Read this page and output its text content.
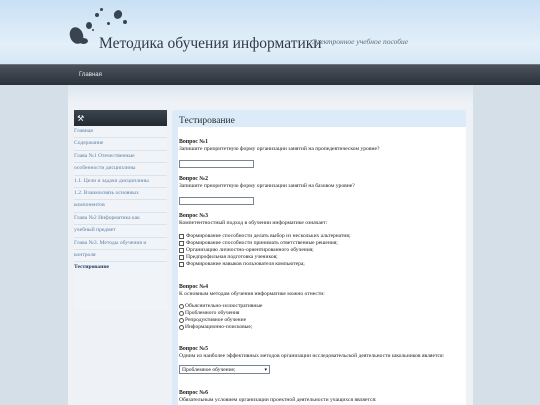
Методика обучения информатики
Электронное учебное пособие
Главная
⚒
Главная
Содержание
Глава №1 Отечественные
особенности дисциплины
1.1. Цели и задачи дисциплины
1.2. Взаимосвязь основных
компонентов
Глава №2 Информатика как
учебный предмет
Глава №3. Методы обучения и
контроля
Тестирование
Тестирование
Вопрос №1
Запишите приоритетную форму организации занятий на пропедевтическом уровне?
Вопрос №2
Запишите приоритетную форму организации занятий на базовом уровне?
Вопрос №3
Компетентностный подход в обучении информатике означает:
Формирование способности делать выбор из нескольких альтернатив;
Формирование способности принимать ответственные решения;
Организацию личностно-ориентированного обучения;
Предпрофильная подготовка учеников;
Формирование навыков пользователя компьютера;
Вопрос №4
К основным методам обучения информатике можно отнести:
Объяснительно-иллюстративные
Проблемного обучения
Репродуктивное обучение
Информационно-поисковые;
Вопрос №5
Одним из наиболее эффективных методов организации исследовательской деятельности школьников является:
Проблемное обучение;	▾
Вопрос №6
Обязательным условием организации проектной деятельности учащихся является:
